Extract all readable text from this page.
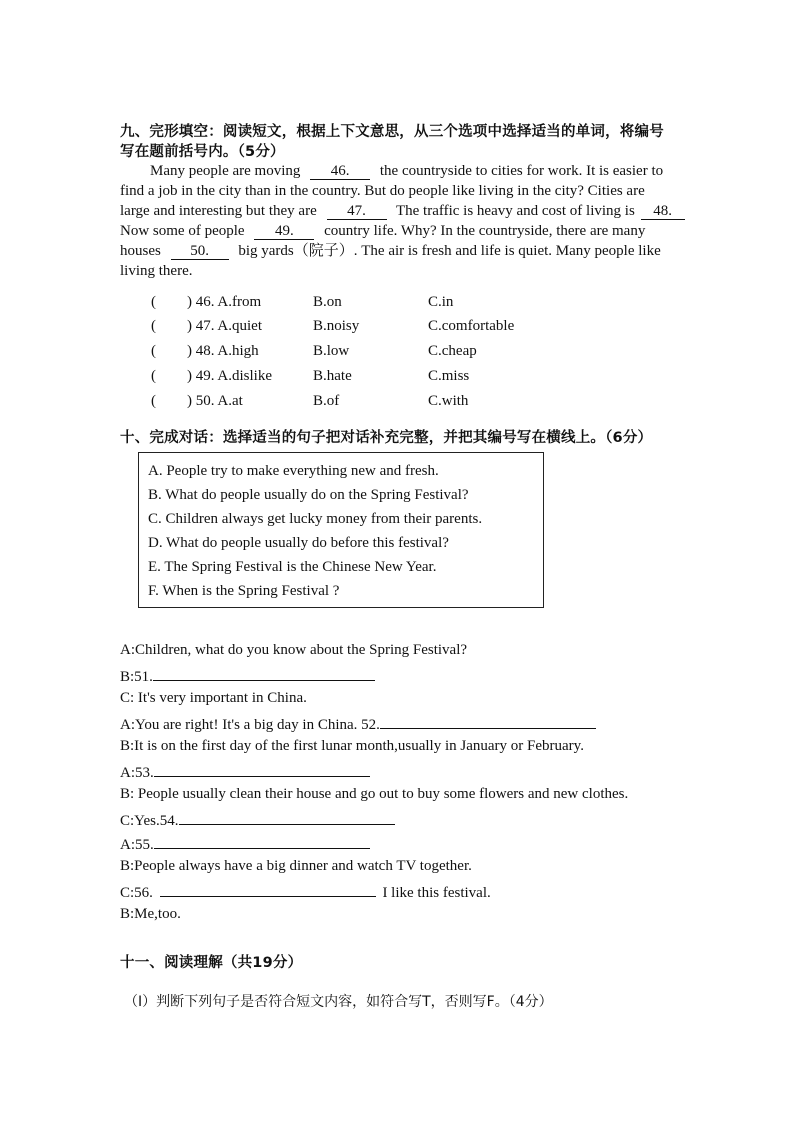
九、完形填空：阅读短文，根据上下文意思，从三个选项中选择适当的单词，将编号
写在题前括号内。（5分）
Many people are moving 46. the countryside to cities for work. It is easier to
find a job in the city than in the country. But do people like living in the city? Cities are
large and interesting but they are 47. The traffic is heavy and cost of living is 48.
Now some of people 49. country life. Why? In the countryside, there are many
houses 50. big yards（院子）. The air is fresh and life is quiet. Many people like
living there.
( ) 46. A.from	B.on	C.in
( ) 47. A.quiet	B.noisy	C.comfortable
( ) 48. A.high	B.low	C.cheap
( ) 49. A.dislike	B.hate	C.miss
( ) 50. A.at	B.of	C.with
十、完成对话：选择适当的句子把对话补充完整，并把其编号写在横线上。（6分）
A. People try to make everything new and fresh.
B. What do people usually do on the Spring Festival?
C. Children always get lucky money from their parents.
D. What do people usually do before this festival?
E. The Spring Festival is the Chinese New Year.
F. When is the Spring Festival ?
A:Children, what do you know about the Spring Festival?
B:51.
C: It's very important in China.
A:You are right! It's a big day in China. 52.
B:It is on the first day of the first lunar month,usually in January or February.
A:53.
B: People usually clean their house and go out to buy some flowers and new clothes.
C:Yes.54.
A:55.
B:People always have a big dinner and watch TV together.
C:56.	I like this festival.
B:Me,too.
十一、阅读理解（共19分）
（Ⅰ）判断下列句子是否符合短文内容，如符合写T，否则写F。（4分）
